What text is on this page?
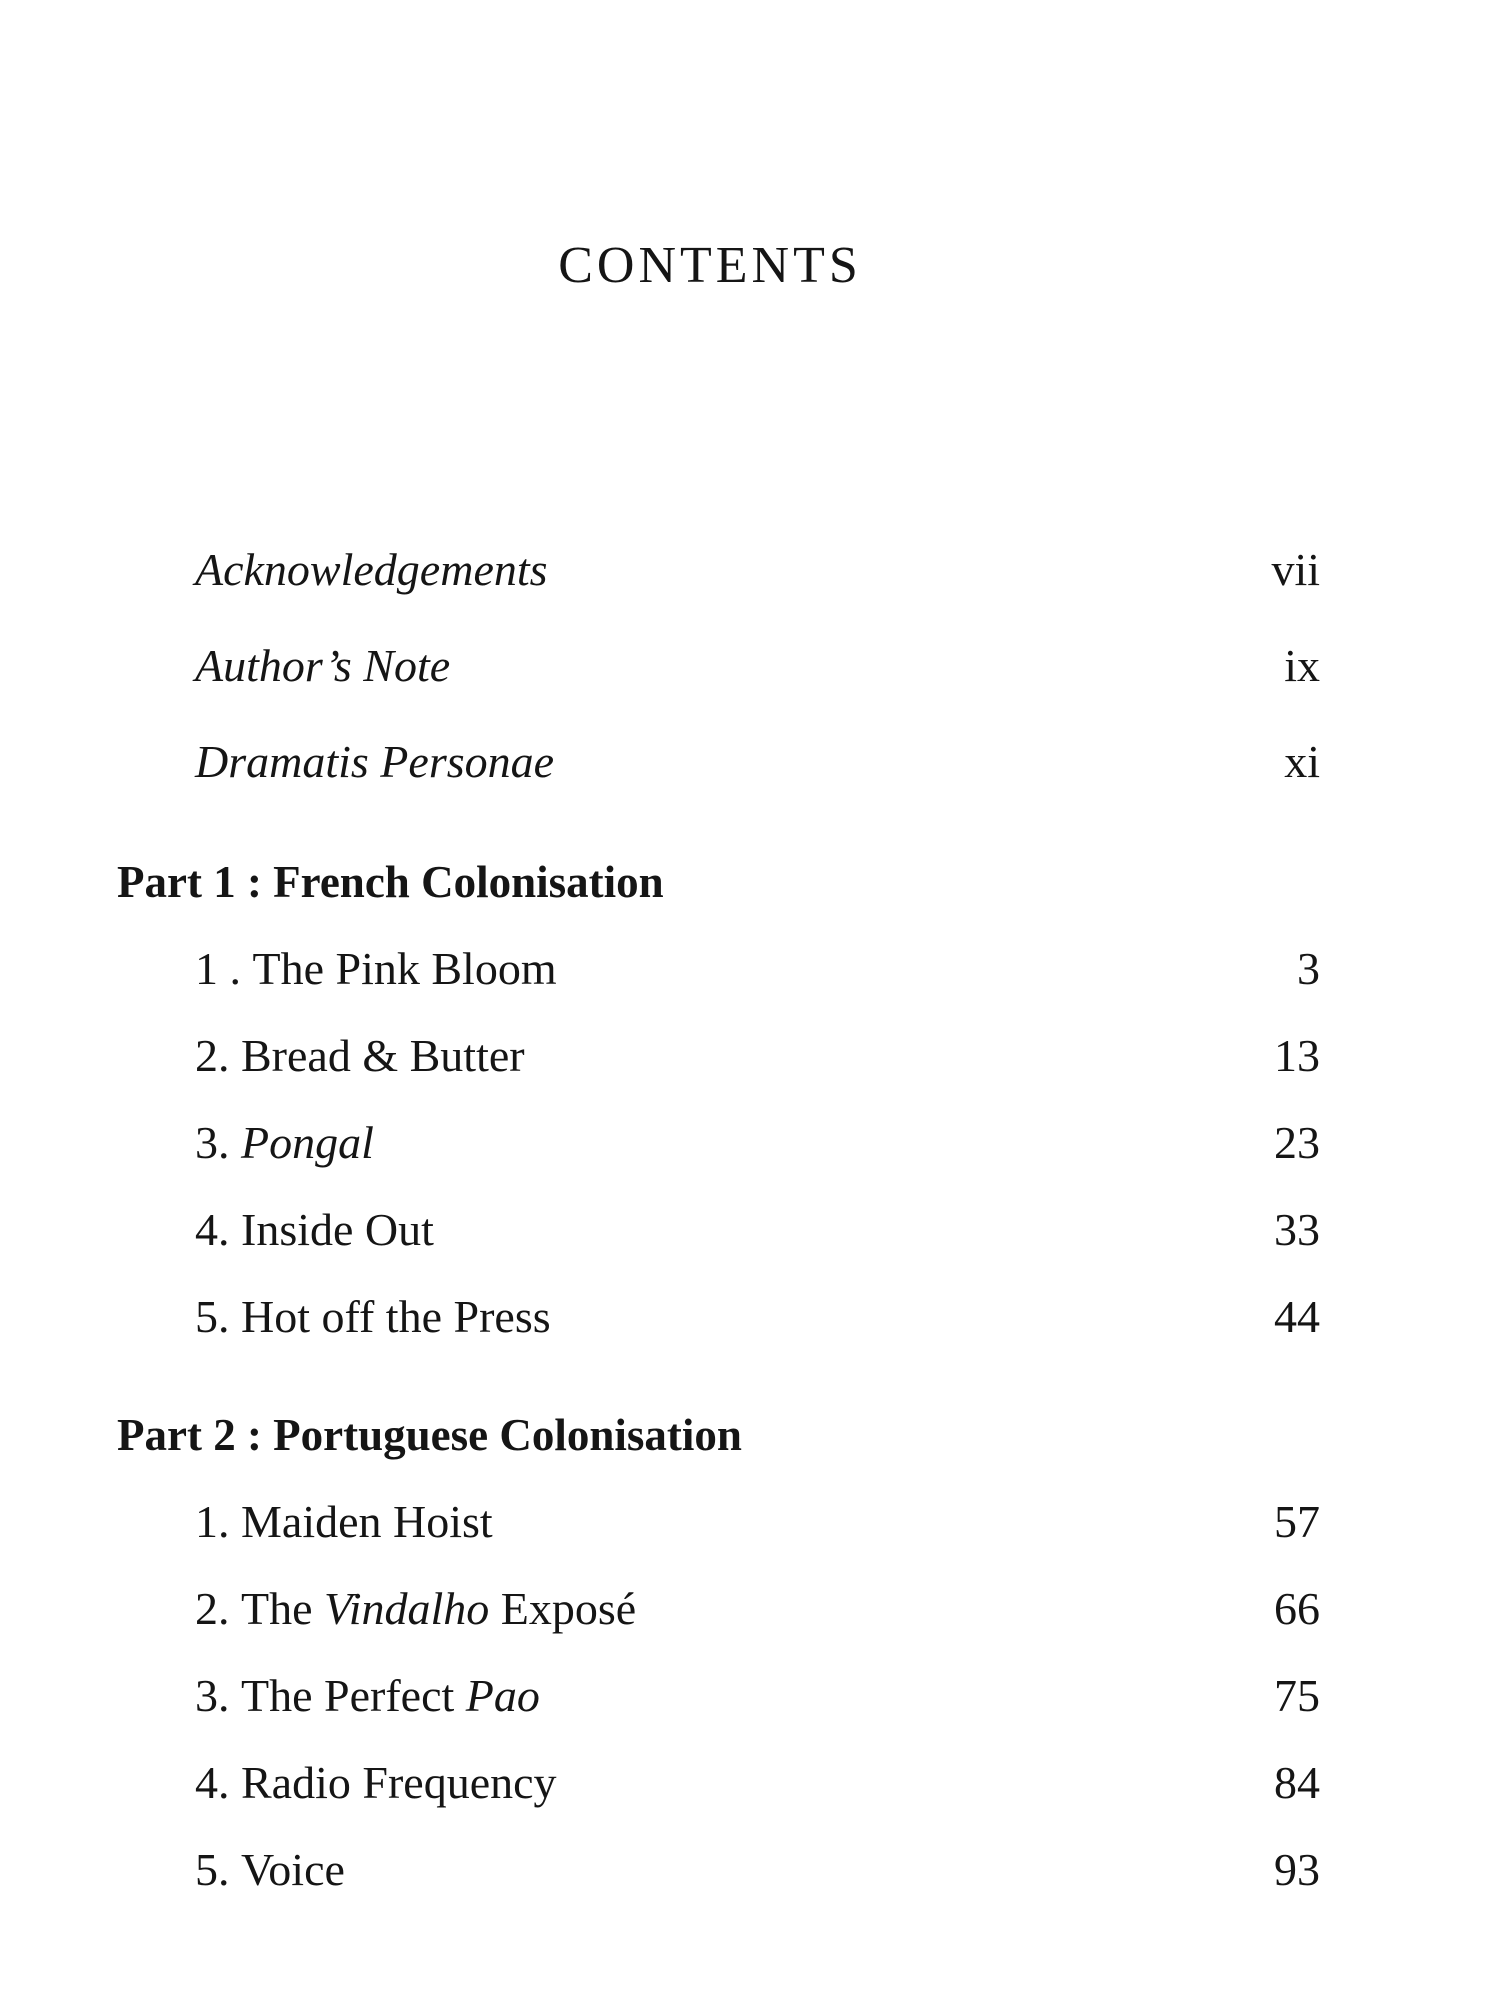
CONTENTS
Acknowledgements	vii
Author’s Note	ix
Dramatis Personae	xi
Part 1 : French Colonisation
1 . The Pink Bloom	3
2. Bread & Butter	13
3. Pongal	23
4. Inside Out	33
5. Hot off the Press	44
Part 2 : Portuguese Colonisation
1. Maiden Hoist	57
2. The Vindalho Exposé	66
3. The Perfect Pao	75
4. Radio Frequency	84
5. Voice	93
